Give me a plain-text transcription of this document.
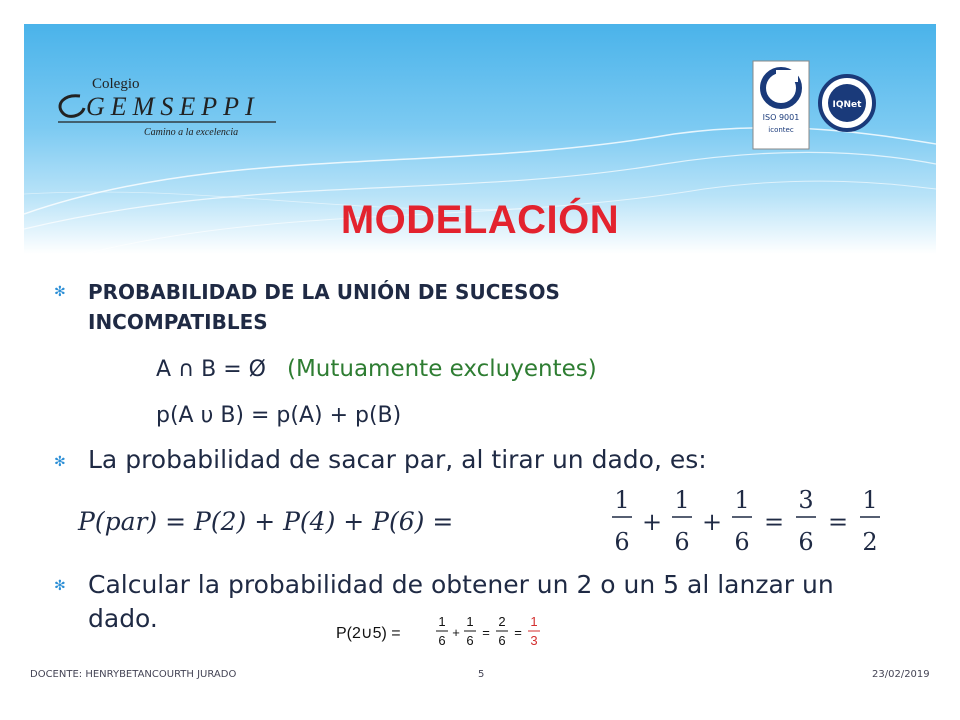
Colegio
GEMSEPPI
Camino a la excelencia
ISO 9001
icontec
IQNet
MODELACIÓN
✻ PROBABILIDAD DE LA UNIÓN DE SUCESOS INCOMPATIBLES
A ∩ B = Ø (Mutuamente excluyentes)
p(A υ B) = p(A) + p(B)
✻ La probabilidad de sacar par, al tirar un dado, es:
P(par) = P(2) + P(4) + P(6) =
1
6
+
1
6
+
1
6
=
3
6
=
1
2
✻ Calcular la probabilidad de obtener un 2 o un 5 al lanzar un dado.
P(2∪5) =
1
6
+
1
6
=
2
6
=
1
3
DOCENTE: HENRYBETANCOURTH JURADO	5	23/02/2019
